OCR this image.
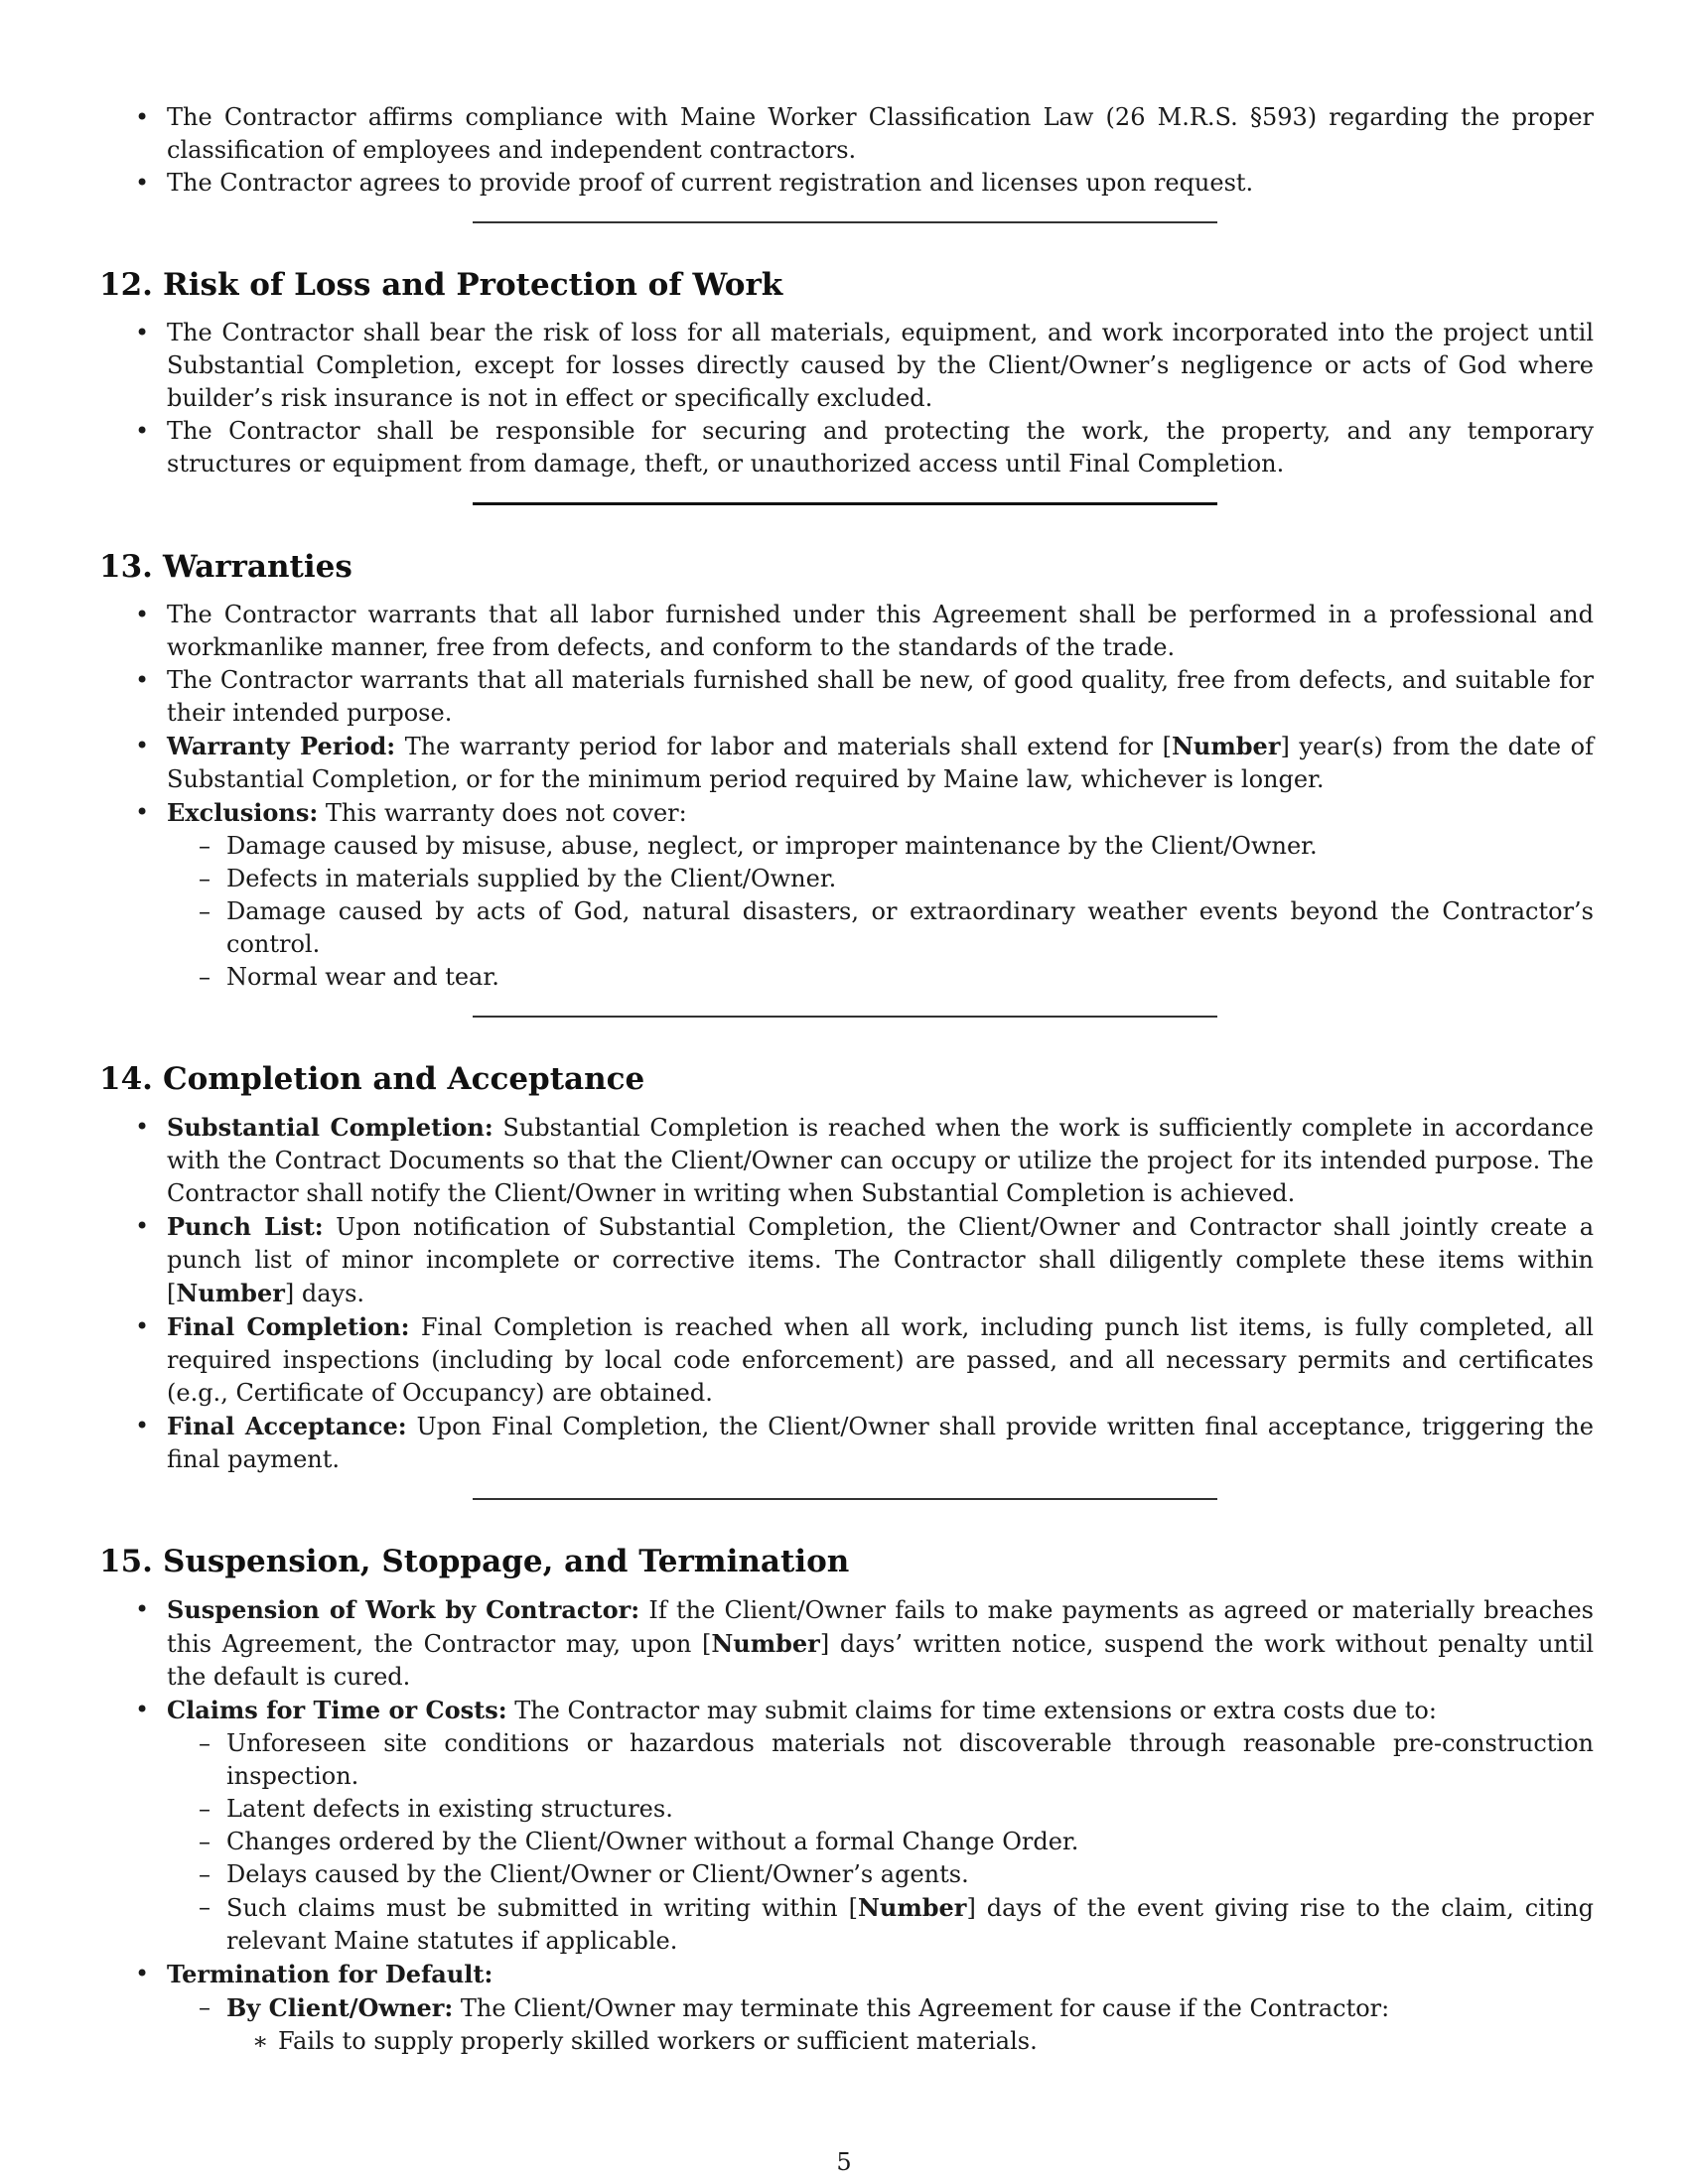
• The Contractor affirms compliance with Maine Worker Classification Law (26 M.R.S. §593) regarding the proper classification of employees and independent contractors.
• The Contractor agrees to provide proof of current registration and licenses upon request.
12. Risk of Loss and Protection of Work
• The Contractor shall bear the risk of loss for all materials, equipment, and work incorporated into the project until Substantial Completion, except for losses directly caused by the Client/Owner’s negligence or acts of God where builder’s risk insurance is not in effect or specifically excluded.
• The Contractor shall be responsible for securing and protecting the work, the property, and any temporary structures or equipment from damage, theft, or unauthorized access until Final Completion.
13. Warranties
• The Contractor warrants that all labor furnished under this Agreement shall be performed in a professional and workmanlike manner, free from defects, and conform to the standards of the trade.
• The Contractor warrants that all materials furnished shall be new, of good quality, free from defects, and suitable for their intended purpose.
• Warranty Period: The warranty period for labor and materials shall extend for [Number] year(s) from the date of Substantial Completion, or for the minimum period required by Maine law, whichever is longer.
• Exclusions: This warranty does not cover:
– Damage caused by misuse, abuse, neglect, or improper maintenance by the Client/Owner.
– Defects in materials supplied by the Client/Owner.
– Damage caused by acts of God, natural disasters, or extraordinary weather events beyond the Contractor’s control.
– Normal wear and tear.
14. Completion and Acceptance
• Substantial Completion: Substantial Completion is reached when the work is sufficiently complete in accordance with the Contract Documents so that the Client/Owner can occupy or utilize the project for its intended purpose. The Contractor shall notify the Client/Owner in writing when Substantial Completion is achieved.
• Punch List: Upon notification of Substantial Completion, the Client/Owner and Contractor shall jointly create a punch list of minor incomplete or corrective items. The Contractor shall diligently complete these items within [Number] days.
• Final Completion: Final Completion is reached when all work, including punch list items, is fully completed, all required inspections (including by local code enforcement) are passed, and all necessary permits and certificates (e.g., Certificate of Occupancy) are obtained.
• Final Acceptance: Upon Final Completion, the Client/Owner shall provide written final acceptance, triggering the final payment.
15. Suspension, Stoppage, and Termination
• Suspension of Work by Contractor: If the Client/Owner fails to make payments as agreed or materially breaches this Agreement, the Contractor may, upon [Number] days’ written notice, suspend the work without penalty until the default is cured.
• Claims for Time or Costs: The Contractor may submit claims for time extensions or extra costs due to:
– Unforeseen site conditions or hazardous materials not discoverable through reasonable pre-construction inspection.
– Latent defects in existing structures.
– Changes ordered by the Client/Owner without a formal Change Order.
– Delays caused by the Client/Owner or Client/Owner’s agents.
– Such claims must be submitted in writing within [Number] days of the event giving rise to the claim, citing relevant Maine statutes if applicable.
• Termination for Default:
– By Client/Owner: The Client/Owner may terminate this Agreement for cause if the Contractor:
∗ Fails to supply properly skilled workers or sufficient materials.
5
